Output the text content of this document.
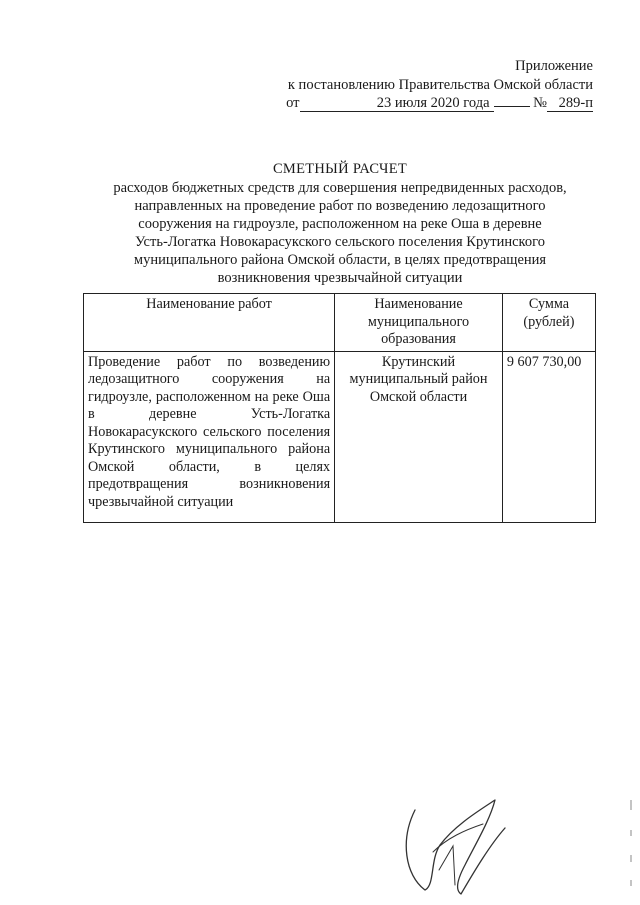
Приложение
к постановлению Правительства Омской области
от	23 июля 2020 года	№ 289-п
СМЕТНЫЙ РАСЧЕТ
расходов бюджетных средств для совершения непредвиденных расходов,
направленных на проведение работ по возведению ледозащитного
сооружения на гидроузле, расположенном на реке Оша в деревне
Усть-Логатка Новокарасукского сельского поселения Крутинского
муниципального района Омской области, в целях предотвращения
возникновения чрезвычайной ситуации
Наименование работ	Наименование муниципального образования	Сумма (рублей)
Проведение работ по возведению ледозащитного сооружения на гидроузле, расположенном на реке Оша в деревне Усть-Логатка Новокарасукского сельского поселения Крутинского муниципального района Омской области, в целях предотвращения возникновения чрезвычайной ситуации	Крутинский муниципальный район Омской области	9 607 730,00
